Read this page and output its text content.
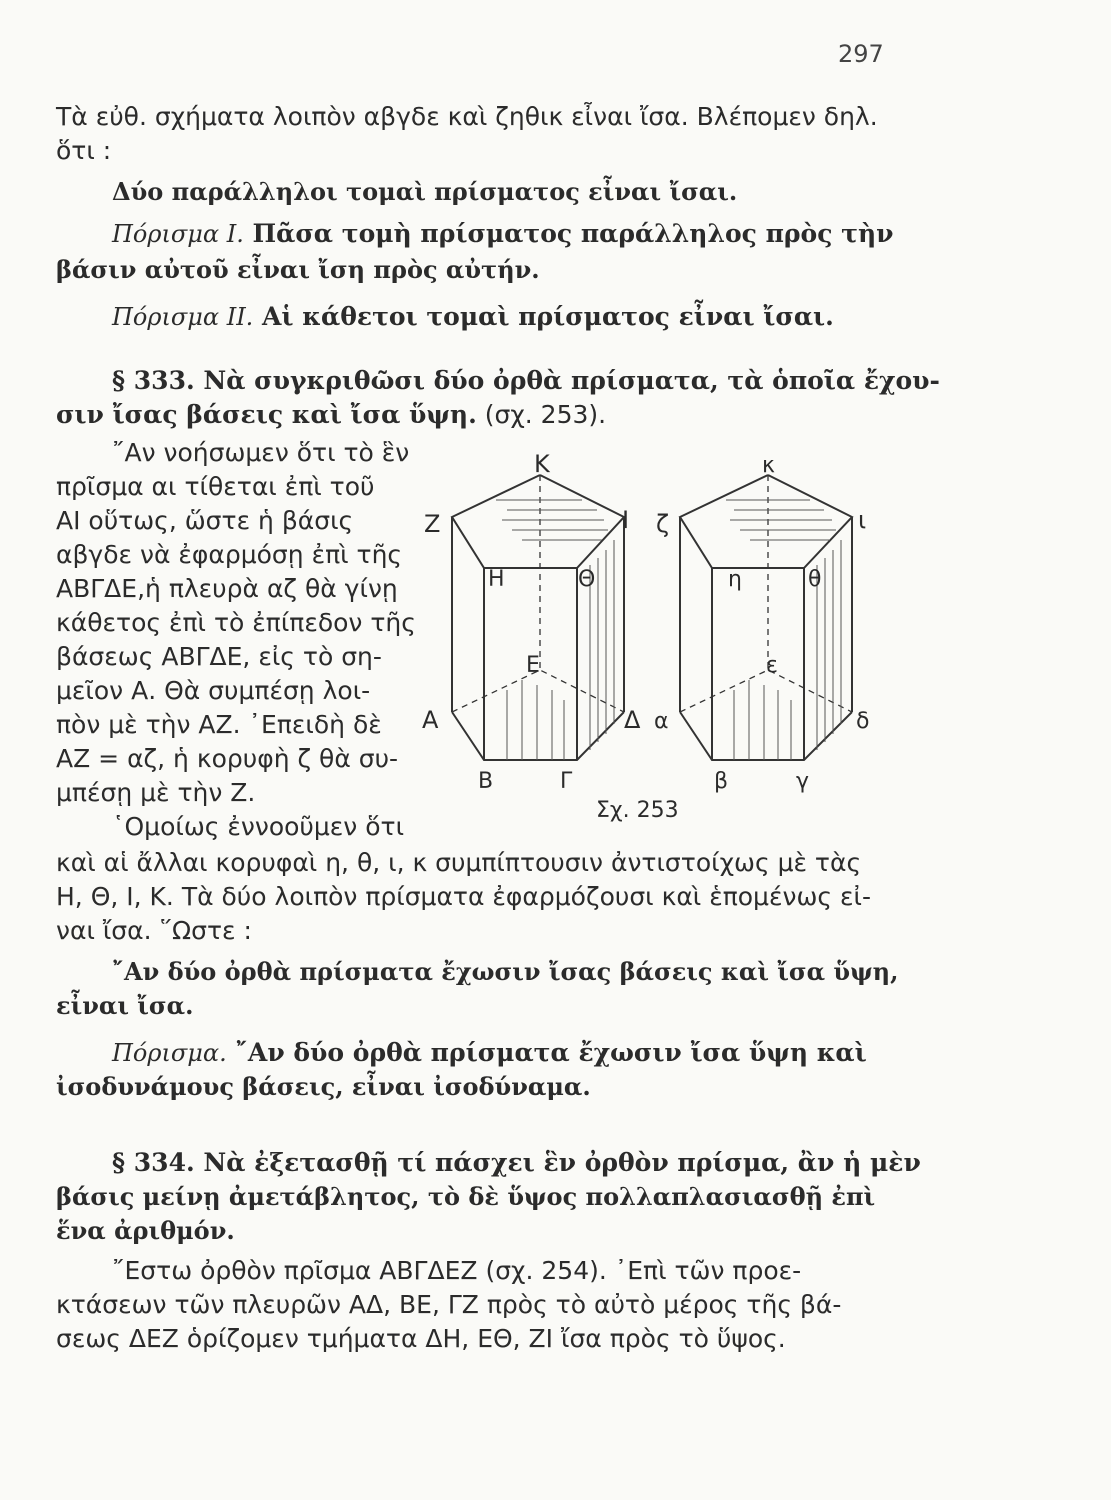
297
Τὰ εὐθ. σχήματα λοιπὸν αβγδε καὶ ζηθικ εἶναι ἴσα. Βλέπομεν δηλ.
ὅτι :
Δύο παράλληλοι τομαὶ πρίσματος εἶναι ἴσαι.
Πόρισμα Ι. Πᾶσα τομὴ πρίσματος παράλληλος πρὸς τὴν
βάσιν αὐτοῦ εἶναι ἴση πρὸς αὐτήν.
Πόρισμα ΙΙ. Αἱ κάθετοι τομαὶ πρίσματος εἶναι ἴσαι.
§ 333. Νὰ συγκριθῶσι δύο ὀρθὰ πρίσματα, τὰ ὁποῖα ἔχου-
σιν ἴσας βάσεις καὶ ἴσα ὕψη. (σχ. 253).
῎Αν νοήσωμεν ὅτι τὸ ἓν
πρῖσμα αι τίθεται ἐπὶ τοῦ
ΑΙ οὕτως, ὥστε ἡ βάσις
αβγδε νὰ ἐφαρμόσῃ ἐπὶ τῆς
ΑΒΓΔΕ,ἡ πλευρὰ αζ θὰ γίνῃ
κάθετος ἐπὶ τὸ ἐπίπεδον τῆς
βάσεως ΑΒΓΔΕ, εἰς τὸ ση-
μεῖον Α. Θὰ συμπέσῃ λοι-
πὸν μὲ τὴν ΑΖ. ᾿Επειδὴ δὲ
ΑΖ = αζ, ἡ κορυφὴ ζ θὰ συ-
μπέσῃ μὲ τὴν Ζ.
῾Ομοίως ἐννοοῦμεν ὅτι
Κ
Ζ	Ι
Η	Θ
Ε
Α	Δ
Β	Γ
κ
ζ	ι
η	θ
ε
α	δ
β	γ
Σχ. 253
καὶ αἱ ἄλλαι κορυφαὶ η, θ, ι, κ συμπίπτουσιν ἀντιστοίχως μὲ τὰς
Η, Θ, Ι, Κ. Τὰ δύο λοιπὸν πρίσματα ἐφαρμόζουσι καὶ ἑπομένως εἰ-
ναι ἴσα. ῞Ωστε :
῎Αν δύο ὀρθὰ πρίσματα ἔχωσιν ἴσας βάσεις καὶ ἴσα ὕψη,
εἶναι ἴσα.
Πόρισμα. ῎Αν δύο ὀρθὰ πρίσματα ἔχωσιν ἴσα ὕψη καὶ
ἰσοδυνάμους βάσεις, εἶναι ἰσοδύναμα.
§ 334. Νὰ ἐξετασθῇ τί πάσχει ἓν ὀρθὸν πρίσμα, ἂν ἡ μὲν
βάσις μείνῃ ἀμετάβλητος, τὸ δὲ ὕψος πολλαπλασιασθῇ ἐπὶ
ἕνα ἀριθμόν.
῎Εστω ὀρθὸν πρῖσμα ΑΒΓΔΕΖ (σχ. 254). ᾿Επὶ τῶν προε-
κτάσεων τῶν πλευρῶν ΑΔ, ΒΕ, ΓΖ πρὸς τὸ αὐτὸ μέρος τῆς βά-
σεως ΔΕΖ ὁρίζομεν τμήματα ΔΗ, ΕΘ, ΖΙ ἴσα πρὸς τὸ ὕψος.
